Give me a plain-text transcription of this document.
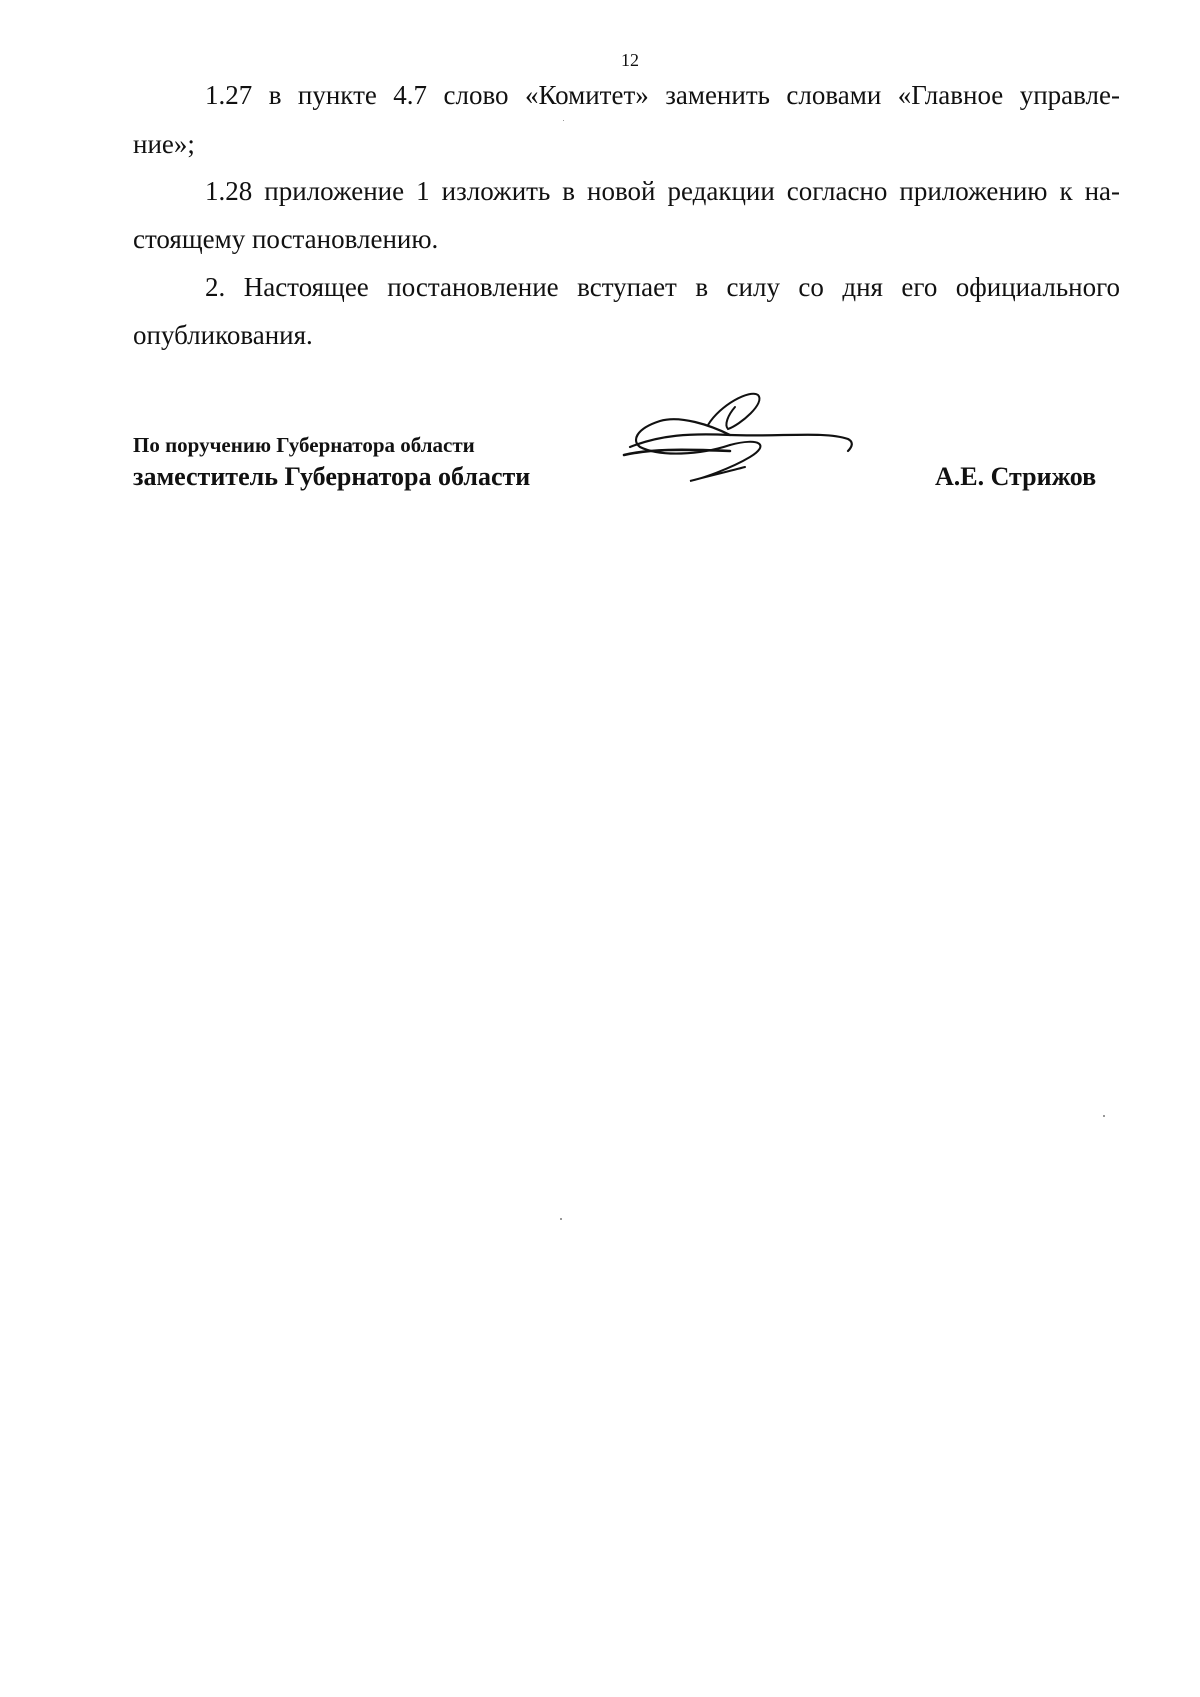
12
1.27 в пункте 4.7 слово «Комитет» заменить словами «Главное управле-
ние»;
1.28 приложение 1 изложить в новой редакции согласно приложению к на-
стоящему постановлению.
2. Настоящее постановление вступает в силу со дня его официального
опубликования.
По поручению Губернатора области
заместитель Губернатора области	А.Е. Стрижов
